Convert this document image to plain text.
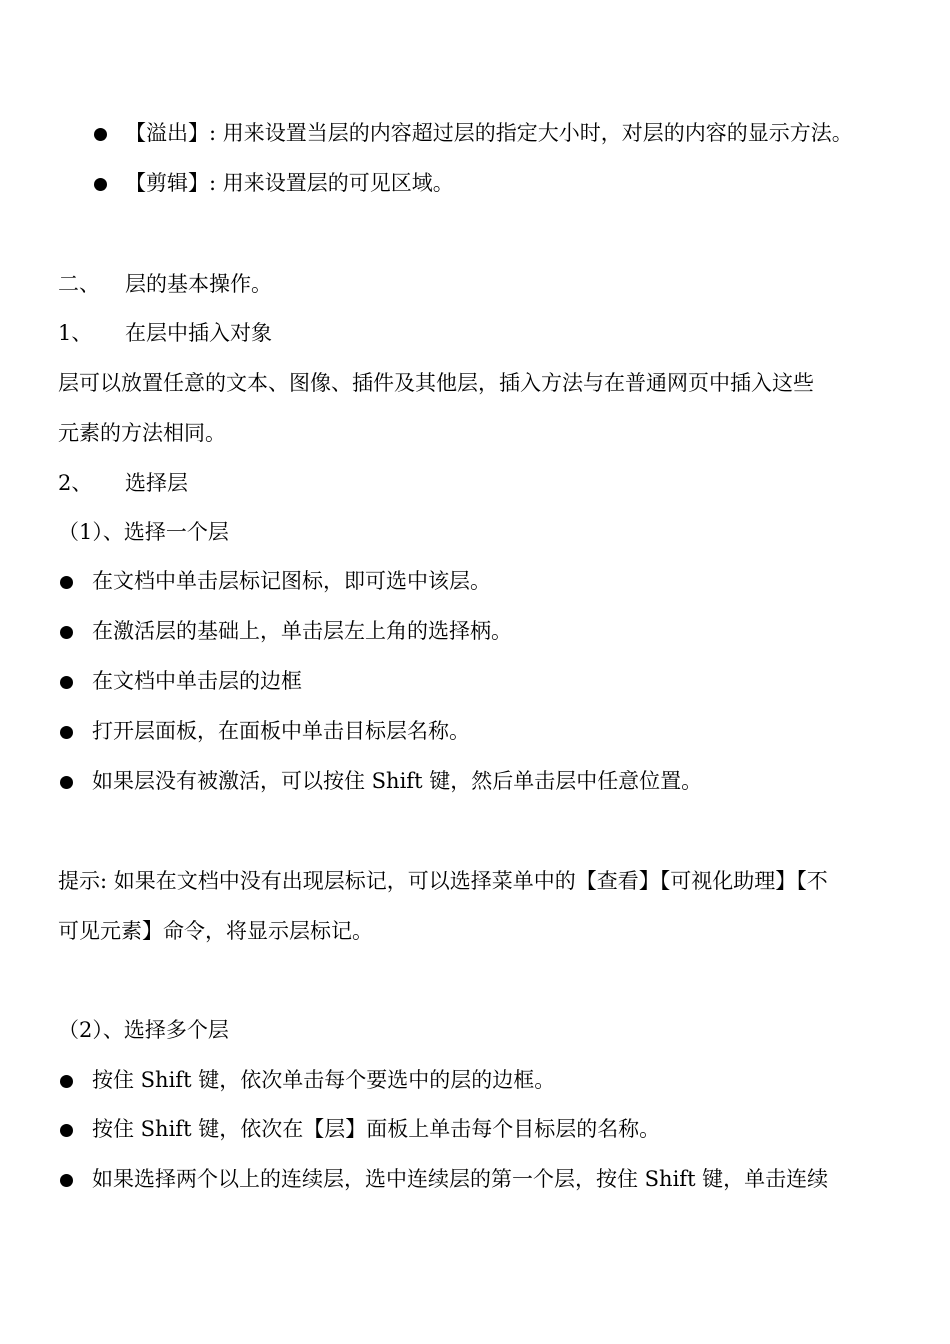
【溢出】: 用来设置当层的内容超过层的指定大小时，对层的内容的显示方法。
【剪辑】: 用来设置层的可见区域。
二、 层的基本操作。
1、 在层中插入对象
层可以放置任意的文本、图像、插件及其他层，插入方法与在普通网页中插入这些
元素的方法相同。
2、 选择层
（1）、选择一个层
在文档中单击层标记图标，即可选中该层。
在激活层的基础上，单击层左上角的选择柄。
在文档中单击层的边框
打开层面板，在面板中单击目标层名称。
如果层没有被激活，可以按住 Shift 键，然后单击层中任意位置。
提示: 如果在文档中没有出现层标记，可以选择菜单中的【查看】【可视化助理】【不
可见元素】命令，将显示层标记。
（2）、选择多个层
按住 Shift 键，依次单击每个要选中的层的边框。
按住 Shift 键，依次在【层】面板上单击每个目标层的名称。
如果选择两个以上的连续层，选中连续层的第一个层，按住 Shift 键，单击连续
